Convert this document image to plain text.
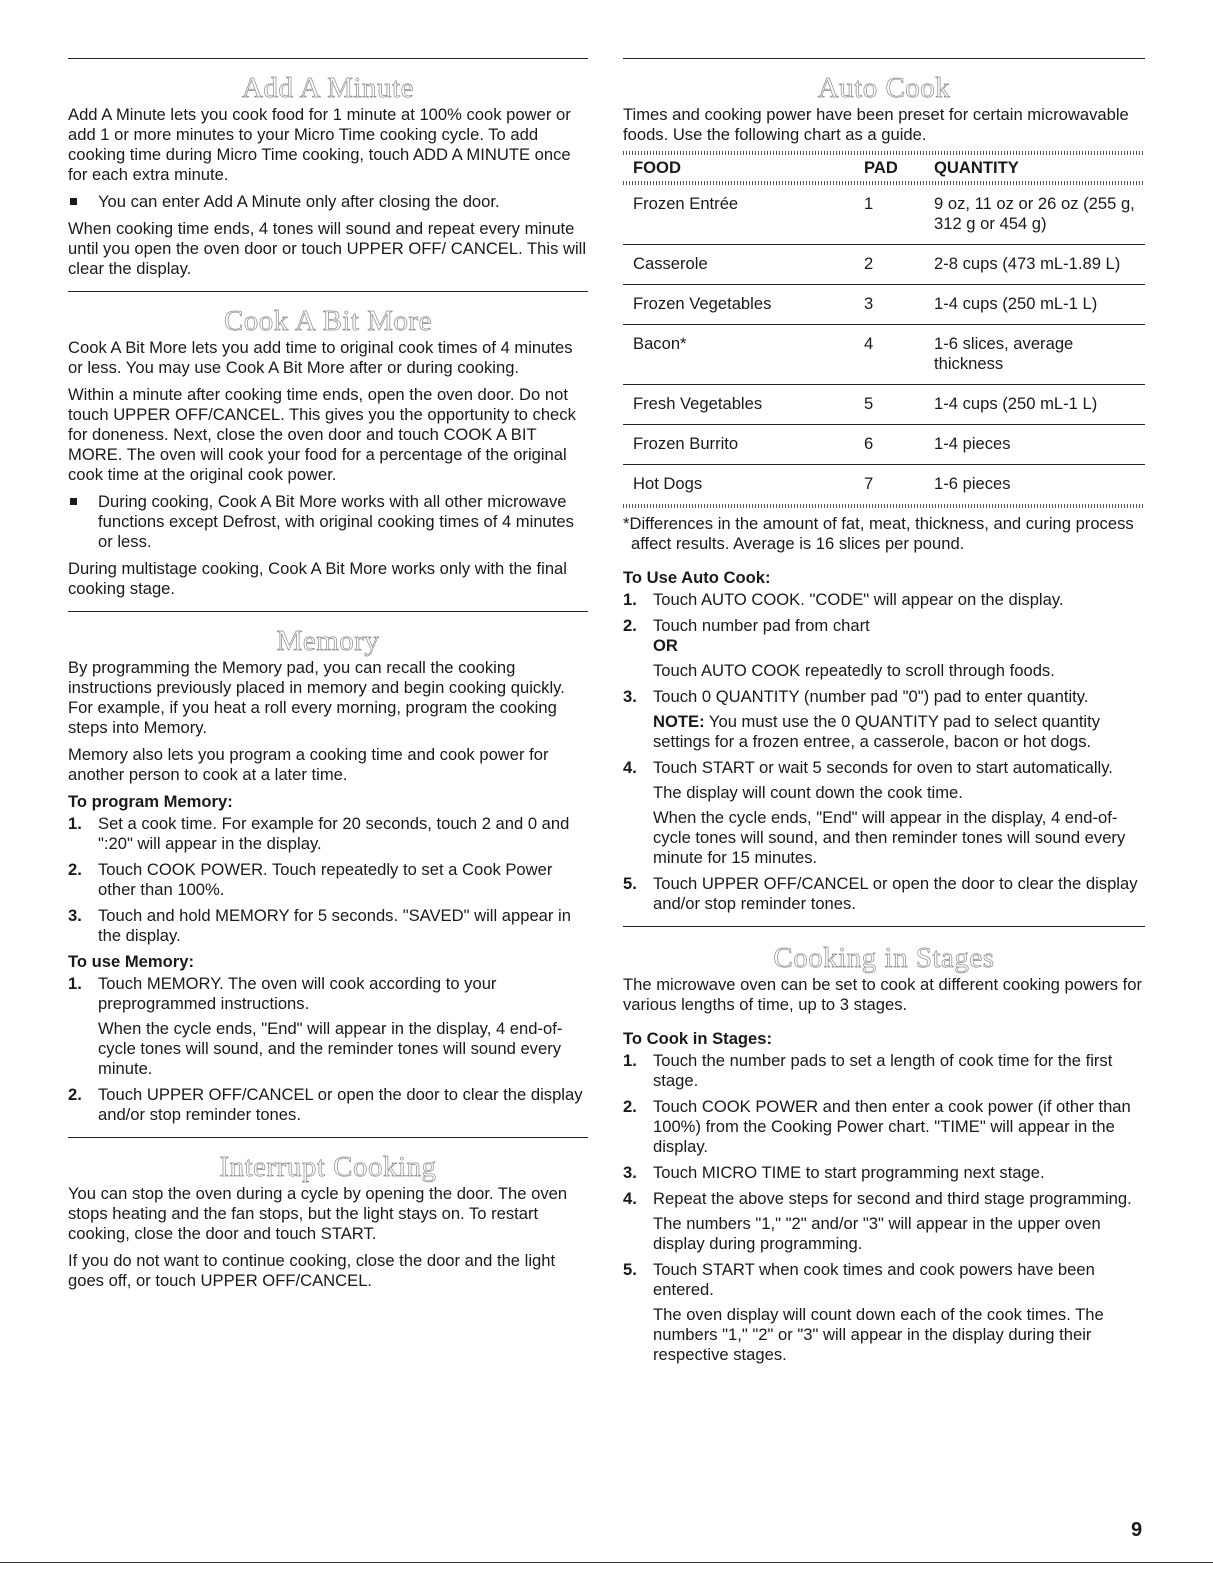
Add A Minute

Add A Minute lets you cook food for 1 minute at 100% cook power or add 1 or more minutes to your Micro Time cooking cycle. To add cooking time during Micro Time cooking, touch ADD A MINUTE once for each extra minute.

You can enter Add A Minute only after closing the door.

When cooking time ends, 4 tones will sound and repeat every minute until you open the oven door or touch UPPER OFF/ CANCEL. This will clear the display.

Cook A Bit More

Cook A Bit More lets you add time to original cook times of 4 minutes or less. You may use Cook A Bit More after or during cooking.

Within a minute after cooking time ends, open the oven door. Do not touch UPPER OFF/CANCEL. This gives you the opportunity to check for doneness. Next, close the oven door and touch COOK A BIT MORE. The oven will cook your food for a percentage of the original cook time at the original cook power.

During cooking, Cook A Bit More works with all other microwave functions except Defrost, with original cooking times of 4 minutes or less.

During multistage cooking, Cook A Bit More works only with the final cooking stage.

Memory

By programming the Memory pad, you can recall the cooking instructions previously placed in memory and begin cooking quickly. For example, if you heat a roll every morning, program the cooking steps into Memory.

Memory also lets you program a cooking time and cook power for another person to cook at a later time.

To program Memory:
1. Set a cook time. For example for 20 seconds, touch 2 and 0 and ":20" will appear in the display.
2. Touch COOK POWER. Touch repeatedly to set a Cook Power other than 100%.
3. Touch and hold MEMORY for 5 seconds. "SAVED" will appear in the display.
To use Memory:
1. Touch MEMORY. The oven will cook according to your preprogrammed instructions.
When the cycle ends, "End" will appear in the display, 4 end-of-cycle tones will sound, and the reminder tones will sound every minute.
2. Touch UPPER OFF/CANCEL or open the door to clear the display and/or stop reminder tones.
Interrupt Cooking

You can stop the oven during a cycle by opening the door. The oven stops heating and the fan stops, but the light stays on. To restart cooking, close the door and touch START.

If you do not want to continue cooking, close the door and the light goes off, or touch UPPER OFF/CANCEL.

Auto Cook

Times and cooking power have been preset for certain microwavable foods. Use the following chart as a guide.

FOOD	PAD	QUANTITY

Frozen Entrée	1	9 oz, 11 oz or 26 oz (255 g, 312 g or 454 g)
Casserole	2	2-8 cups (473 mL-1.89 L)
Frozen Vegetables	3	1-4 cups (250 mL-1 L)
Bacon*	4	1-6 slices, average thickness
Fresh Vegetables	5	1-4 cups (250 mL-1 L)
Frozen Burrito	6	1-4 pieces
Hot Dogs	7	1-6 pieces

*Differences in the amount of fat, meat, thickness, and curing process affect results. Average is 16 slices per pound.

To Use Auto Cook:
1. Touch AUTO COOK. "CODE" will appear on the display.
2. Touch number pad from chart
OR
Touch AUTO COOK repeatedly to scroll through foods.
3. Touch 0 QUANTITY (number pad "0") pad to enter quantity.
NOTE: You must use the 0 QUANTITY pad to select quantity settings for a frozen entree, a casserole, bacon or hot dogs.
4. Touch START or wait 5 seconds for oven to start automatically.
The display will count down the cook time.
When the cycle ends, "End" will appear in the display, 4 end-of-cycle tones will sound, and then reminder tones will sound every minute for 15 minutes.
5. Touch UPPER OFF/CANCEL or open the door to clear the display and/or stop reminder tones.
Cooking in Stages

The microwave oven can be set to cook at different cooking powers for various lengths of time, up to 3 stages.

To Cook in Stages:
1. Touch the number pads to set a length of cook time for the first stage.
2. Touch COOK POWER and then enter a cook power (if other than 100%) from the Cooking Power chart. "TIME" will appear in the display.
3. Touch MICRO TIME to start programming next stage.
4. Repeat the above steps for second and third stage programming.
The numbers "1," "2" and/or "3" will appear in the upper oven display during programming.
5. Touch START when cook times and cook powers have been entered.
The oven display will count down each of the cook times. The numbers "1," "2" or "3" will appear in the display during their respective stages.
9
